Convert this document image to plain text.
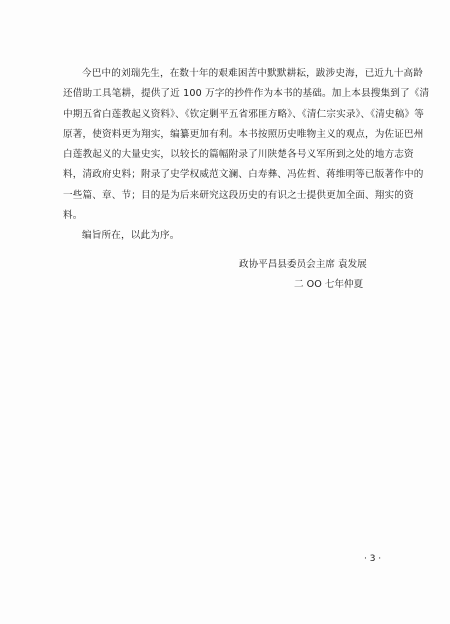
今巴中的刘瑞先生，在数十年的艰难困苦中默默耕耘，跋涉史海，已近九十高龄
还借助工具笔耕，提供了近 100 万字的抄件作为本书的基础。加上本县搜集到了《清
中期五省白莲教起义资料》、《钦定剿平五省邪匪方略》、《清仁宗实录》、《清史稿》等
原著，使资料更为翔实，编纂更加有利。本书按照历史唯物主义的观点，为佐证巴州
白莲教起义的大量史实，以较长的篇幅附录了川陕楚各号义军所到之处的地方志资
料，清政府史料；附录了史学权威范文澜、白寿彝、冯佐哲、蒋维明等已版著作中的
一些篇、章、节；目的是为后来研究这段历史的有识之士提供更加全面、翔实的资
料。
编旨所在，以此为序。
政协平昌县委员会主席 袁发展
二 OO 七年仲夏
· 3 ·
